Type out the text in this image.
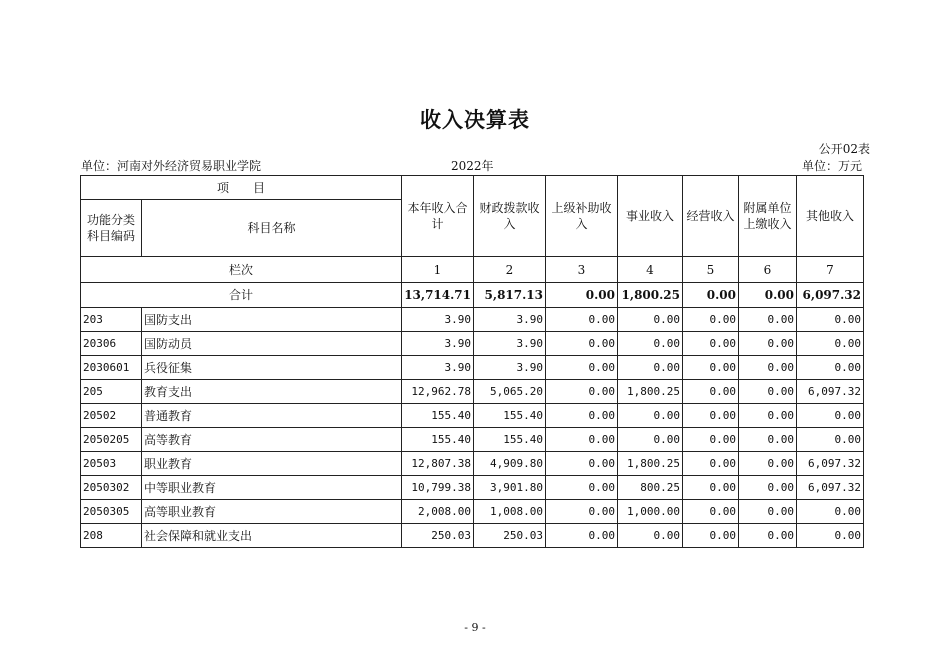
收入决算表
公开02表
单位：河南对外经济贸易职业学院	2022年	单位：万元
项　　目		本年收入合计	财政拨款收入	上级补助收入	事业收入	经营收入	附属单位上缴收入	其他收入
功能分类科目编码	科目名称							
栏次		1	2	3	4	5	6	7
合计		13,714.71	5,817.13	0.00	1,800.25	0.00	0.00	6,097.32
203	国防支出	3.90	3.90	0.00	0.00	0.00	0.00	0.00
20306	国防动员	3.90	3.90	0.00	0.00	0.00	0.00	0.00
2030601	兵役征集	3.90	3.90	0.00	0.00	0.00	0.00	0.00
205	教育支出	12,962.78	5,065.20	0.00	1,800.25	0.00	0.00	6,097.32
20502	普通教育	155.40	155.40	0.00	0.00	0.00	0.00	0.00
2050205	高等教育	155.40	155.40	0.00	0.00	0.00	0.00	0.00
20503	职业教育	12,807.38	4,909.80	0.00	1,800.25	0.00	0.00	6,097.32
2050302	中等职业教育	10,799.38	3,901.80	0.00	800.25	0.00	0.00	6,097.32
2050305	高等职业教育	2,008.00	1,008.00	0.00	1,000.00	0.00	0.00	0.00
208	社会保障和就业支出	250.03	250.03	0.00	0.00	0.00	0.00	0.00
- 9 -
